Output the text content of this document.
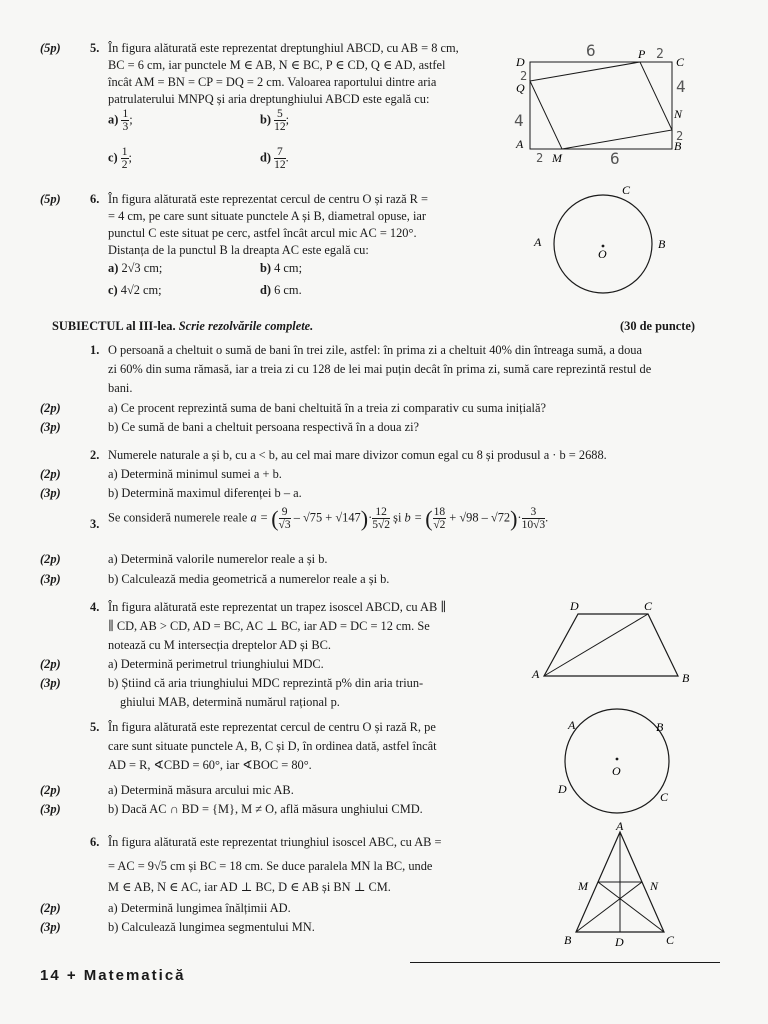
(5p) 5. În figura alăturată este reprezentat dreptunghiul ABCD, cu AB = 8 cm,
BC = 6 cm, iar punctele M ∈ AB, N ∈ BC, P ∈ CD, Q ∈ AD, astfel
încât AM = BN = CP = DQ = 2 cm. Valoarea raportului dintre aria
patrulaterului MNPQ și aria dreptunghiului ABCD este egală cu:
$a) \frac{1}{3}$ ;	$b) \frac{5}{12}$ ;
$c) \frac{1}{2}$ ;	$d) \frac{7}{12}$ .
D	C
A	B
M
N
P
Q
6
4
4
6
2
2
2
2
(5p) 6. În figura alăturată este reprezentat cercul de centru O și rază R =
= 4 cm, pe care sunt situate punctele A și B, diametral opuse, iar
punctul C este situat pe cerc, astfel încât arcul mic AC = 120°.
Distanța de la punctul B la dreapta AC este egală cu:
a) 2√3 cm;	b) 4 cm;
c) 4√2 cm;	d) 6 cm.
A	B
C
O
SUBIECTUL al III-lea. Scrie rezolvările complete.	(30 de puncte)
1. O persoană a cheltuit o sumă de bani în trei zile, astfel: în prima zi a cheltuit 40% din întreaga sumă, a doua
zi 60% din suma rămasă, iar a treia zi cu 128 de lei mai puțin decât în prima zi, sumă care reprezintă restul de
bani.
(2p)	a) Ce procent reprezintă suma de bani cheltuită în a treia zi comparativ cu suma inițială?
(3p)	b) Ce sumă de bani a cheltuit persoana respectivă în a doua zi?
2. Numerele naturale a și b, cu a < b, au cel mai mare divizor comun egal cu 8 și produsul a · b = 2688.
(2p)	a) Determină minimul sumei a + b.
(3p)	b) Determină maximul diferenței b – a.
3. Se consideră numerele reale a = ( $\frac{9}{√3} - √75 + √147)\cdot \frac{12}{5√2}$ și b = ( $\frac{18}{√2} + √98 - √72)\cdot \frac{3}{10√3}$ .
(2p)	a) Determină valorile numerelor reale a și b.
(3p)	b) Calculează media geometrică a numerelor reale a și b.
4. În figura alăturată este reprezentat un trapez isoscel ABCD, cu AB ∥
∥ CD, AB > CD, AD = BC, AC ⊥ BC, iar AD = DC = 12 cm. Se
notează cu M intersecția dreptelor AD și BC.
(2p)	a) Determină perimetrul triunghiului MDC.
(3p)	b) Știind că aria triunghiului MDC reprezintă p% din aria triun-
ghiului MAB, determină numărul rațional p.
A	B
C
D
5. În figura alăturată este reprezentat cercul de centru O și rază R, pe
care sunt situate punctele A, B, C și D, în ordinea dată, astfel încât
AD = R, ∢CBD = 60°, iar ∢BOC = 80°.
(2p)	a) Determină măsura arcului mic AB.
(3p)	b) Dacă AC ∩ BD = {M}, M ≠ O, află măsura unghiului CMD.
A	B
C
D
O
6. În figura alăturată este reprezentat triunghiul isoscel ABC, cu AB =
= AC = 9√5 cm și BC = 18 cm. Se duce paralela MN la BC, unde
M ∈ AB, N ∈ AC, iar AD ⊥ BC, D ∈ AB și BN ⊥ CM.
(2p)	a) Determină lungimea înălțimii AD.
(3p)	b) Calculează lungimea segmentului MN.
A
B	C
D
M	N
14 + Matematică
